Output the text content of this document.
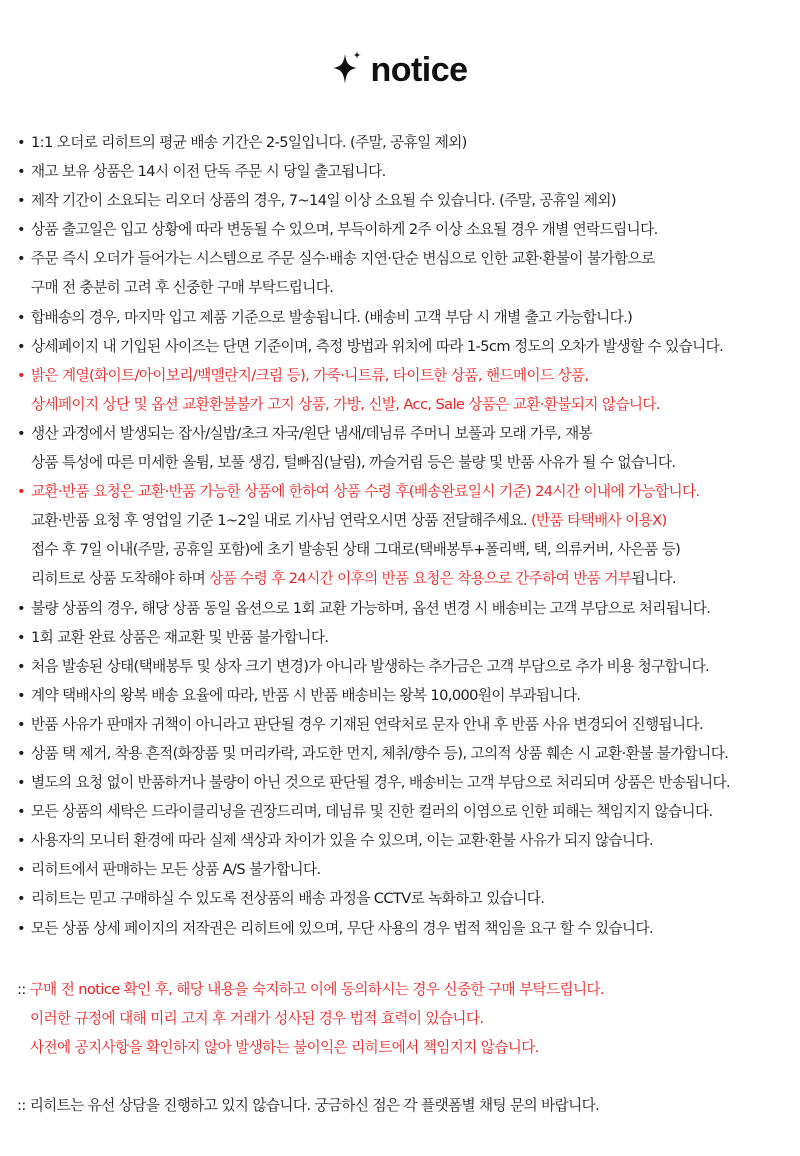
notice
• 1:1 오더로 리히트의 평균 배송 기간은 2-5일입니다. (주말, 공휴일 제외)
• 재고 보유 상품은 14시 이전 단독 주문 시 당일 출고됩니다.
• 제작 기간이 소요되는 리오더 상품의 경우, 7~14일 이상 소요될 수 있습니다. (주말, 공휴일 제외)
• 상품 출고일은 입고 상황에 따라 변동될 수 있으며, 부득이하게 2주 이상 소요될 경우 개별 연락드립니다.
• 주문 즉시 오더가 들어가는 시스템으로 주문 실수·배송 지연·단순 변심으로 인한 교환·환불이 불가함으로
구매 전 충분히 고려 후 신중한 구매 부탁드립니다.
• 합배송의 경우, 마지막 입고 제품 기준으로 발송됩니다. (배송비 고객 부담 시 개별 출고 가능합니다.)
• 상세페이지 내 기입된 사이즈는 단면 기준이며, 측정 방법과 위치에 따라 1-5cm 정도의 오차가 발생할 수 있습니다.
• 밝은 계열(화이트/아이보리/백멜란지/크림 등), 가죽·니트류, 타이트한 상품, 핸드메이드 상품,
상세페이지 상단 및 옵션 교환환불불가 고지 상품, 가방, 신발, Acc, Sale 상품은 교환·환불되지 않습니다.
• 생산 과정에서 발생되는 잡사/실밥/초크 자국/원단 냄새/데님류 주머니 보풀과 모래 가루, 재봉
상품 특성에 따른 미세한 올튐, 보풀 생김, 털빠짐(날림), 까슬거림 등은 불량 및 반품 사유가 될 수 없습니다.
• 교환·반품 요청은 교환·반품 가능한 상품에 한하여 상품 수령 후(배송완료일시 기준) 24시간 이내에 가능합니다.
교환·반품 요청 후 영업일 기준 1~2일 내로 기사님 연락오시면 상품 전달해주세요. (반품 타택배사 이용X)
접수 후 7일 이내(주말, 공휴일 포함)에 초기 발송된 상태 그대로(택배봉투+폴리백, 택, 의류커버, 사은품 등)
리히트로 상품 도착해야 하며 상품 수령 후 24시간 이후의 반품 요청은 착용으로 간주하여 반품 거부됩니다.
• 불량 상품의 경우, 해당 상품 동일 옵션으로 1회 교환 가능하며, 옵션 변경 시 배송비는 고객 부담으로 처리됩니다.
• 1회 교환 완료 상품은 재교환 및 반품 불가합니다.
• 처음 발송된 상태(택배봉투 및 상자 크기 변경)가 아니라 발생하는 추가금은 고객 부담으로 추가 비용 청구합니다.
• 계약 택배사의 왕복 배송 요율에 따라, 반품 시 반품 배송비는 왕복 10,000원이 부과됩니다.
• 반품 사유가 판매자 귀책이 아니라고 판단될 경우 기재된 연락처로 문자 안내 후 반품 사유 변경되어 진행됩니다.
• 상품 택 제거, 착용 흔적(화장품 및 머리카락, 과도한 먼지, 체취/향수 등), 고의적 상품 훼손 시 교환·환불 불가합니다.
• 별도의 요청 없이 반품하거나 불량이 아닌 것으로 판단될 경우, 배송비는 고객 부담으로 처리되며 상품은 반송됩니다.
• 모든 상품의 세탁은 드라이클리닝을 권장드리며, 데님류 및 진한 컬러의 이염으로 인한 피해는 책임지지 않습니다.
• 사용자의 모니터 환경에 따라 실제 색상과 차이가 있을 수 있으며, 이는 교환·환불 사유가 되지 않습니다.
• 리히트에서 판매하는 모든 상품 A/S 불가합니다.
• 리히트는 믿고 구매하실 수 있도록 전상품의 배송 과정을 CCTV로 녹화하고 있습니다.
• 모든 상품 상세 페이지의 저작권은 리히트에 있으며, 무단 사용의 경우 법적 책임을 요구 할 수 있습니다.
:: 구매 전 notice 확인 후, 해당 내용을 숙지하고 이에 동의하시는 경우 신중한 구매 부탁드립니다.
이러한 규정에 대해 미리 고지 후 거래가 성사된 경우 법적 효력이 있습니다.
사전에 공지사항을 확인하지 않아 발생하는 불이익은 리히트에서 책임지지 않습니다.
:: 리히트는 유선 상담을 진행하고 있지 않습니다. 궁금하신 점은 각 플랫폼별 채팅 문의 바랍니다.
